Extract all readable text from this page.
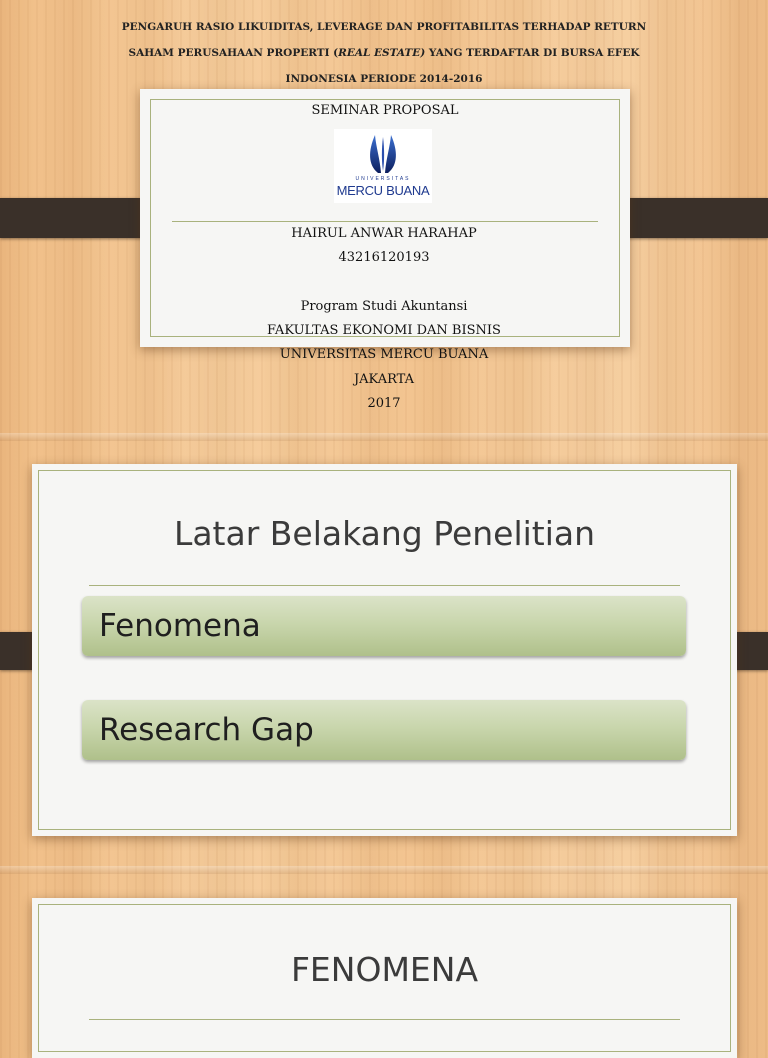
PENGARUH RASIO LIKUIDITAS, LEVERAGE DAN PROFITABILITAS TERHADAP RETURN

SAHAM PERUSAHAAN PROPERTI (REAL ESTATE) YANG TERDAFTAR DI BURSA EFEK

INDONESIA PERIODE 2014-2016

UNIVERSITAS
MERCU BUANA
SEMINAR PROPOSAL
HAIRUL ANWAR HARAHAP
43216120193
Program Studi Akuntansi
FAKULTAS EKONOMI DAN BISNIS
UNIVERSITAS MERCU BUANA
JAKARTA
2017
Latar Belakang Penelitian
Fenomena
Research Gap
FENOMENA
